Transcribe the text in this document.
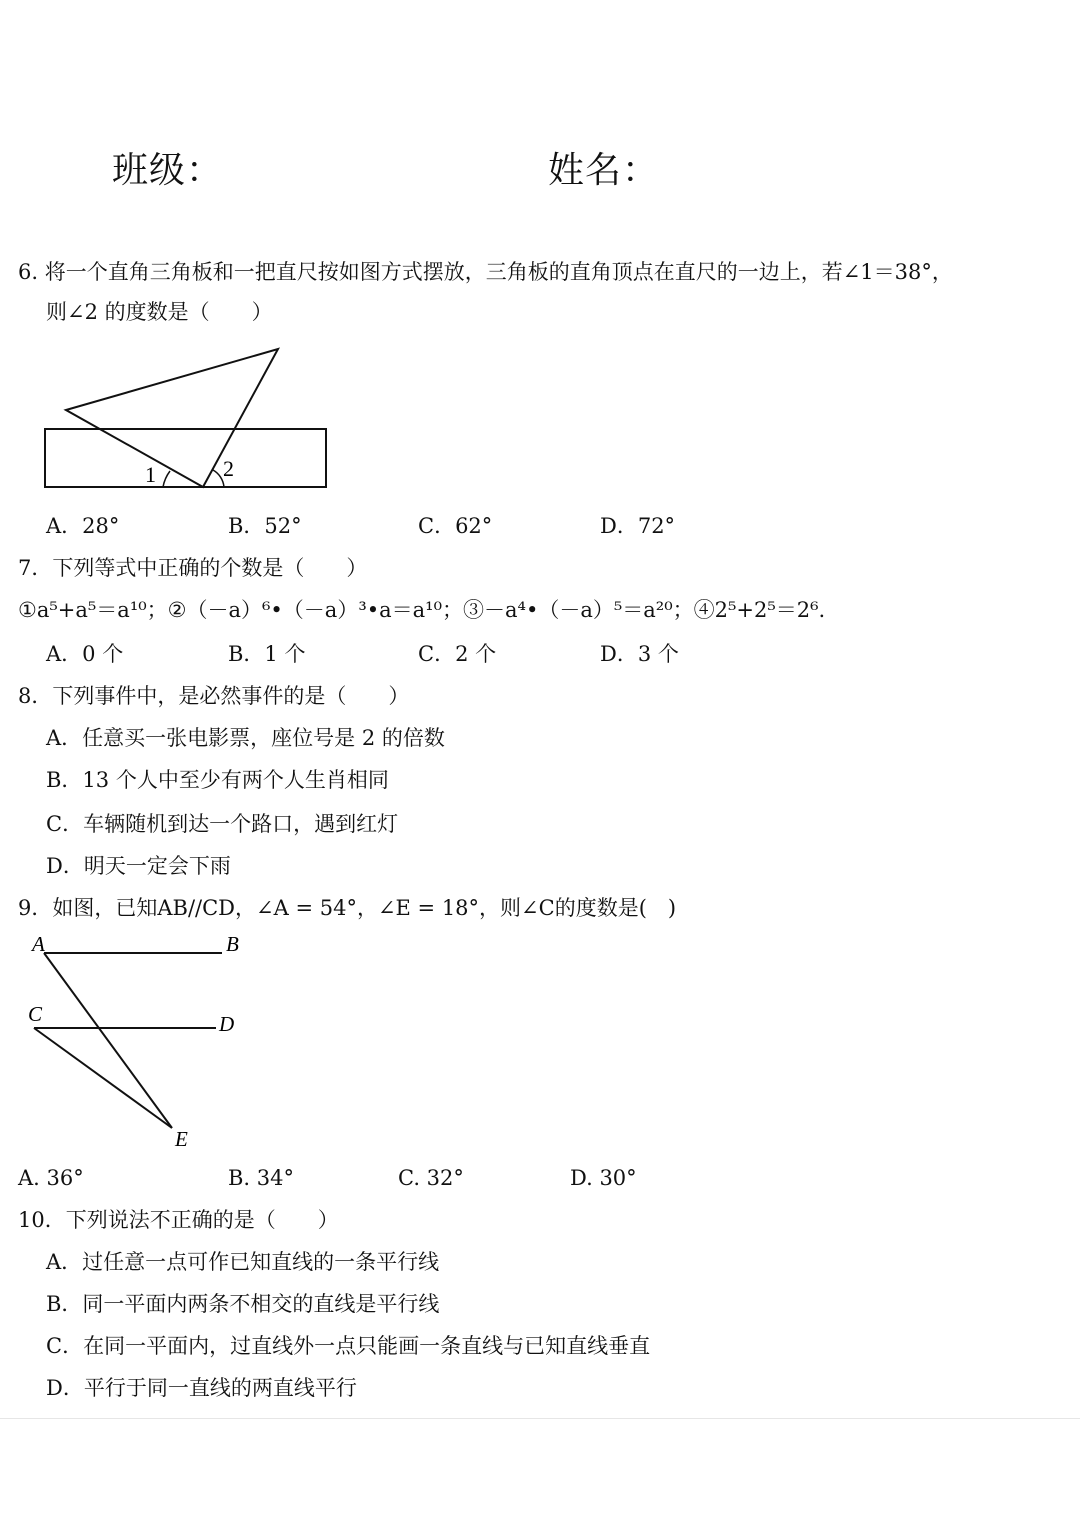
班级：	姓名：
6. 将一个直角三角板和一把直尺按如图方式摆放，三角板的直角顶点在直尺的一边上，若∠1＝38°，
则∠2 的度数是（　　）
1	2
A．28°	B．52°	C．62°	D．72°
7．下列等式中正确的个数是（　　）
①a⁵+a⁵＝a¹⁰；②（－a）⁶•（－a）³•a＝a¹⁰；③－a⁴•（－a）⁵＝a²⁰；④2⁵+2⁵＝2⁶.
A．0 个	B．1 个	C．2 个	D．3 个
8．下列事件中，是必然事件的是（　　）
A．任意买一张电影票，座位号是 2 的倍数
B．13 个人中至少有两个人生肖相同
C．车辆随机到达一个路口，遇到红灯
D．明天一定会下雨
9．如图，已知AB//CD，∠A = 54°，∠E = 18°，则∠C的度数是(　)
A	B
C	D
E
A. 36°	B. 34°	C. 32°	D. 30°
10．下列说法不正确的是（　　）
A．过任意一点可作已知直线的一条平行线
B．同一平面内两条不相交的直线是平行线
C．在同一平面内，过直线外一点只能画一条直线与已知直线垂直
D．平行于同一直线的两直线平行
